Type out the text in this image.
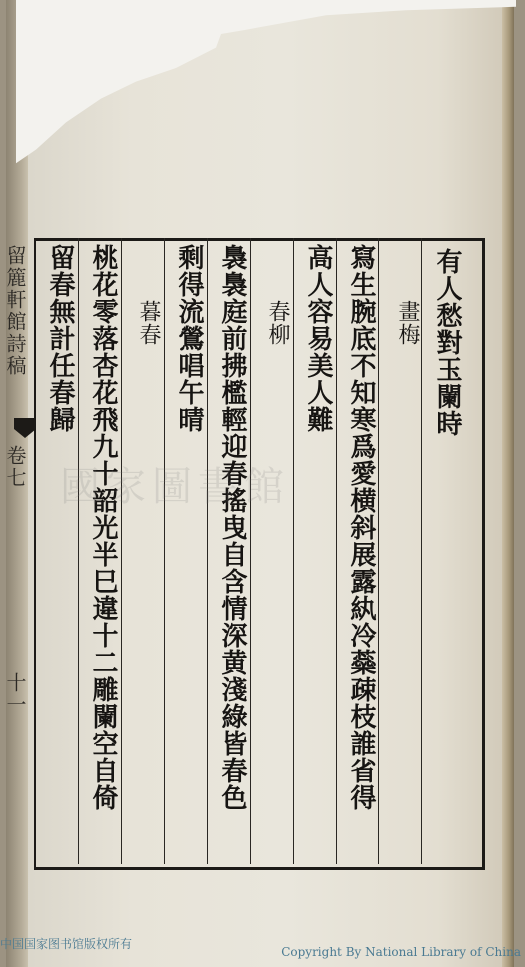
有人愁對玉闌時
畫梅
寫生腕底不知寒爲愛横斜展露紈冷蘂疎枝誰省得
高人容易美人難
春柳
裊裊庭前拂檻輕迎春搖曳自含情深黄淺綠皆春色
剩得流鶯唱午晴
暮春
桃花零落杏花飛九十韶光半巳違十二雕闌空自倚
留春無計任春歸
留簏軒館詩稿
卷七
十一
國家圖書館
中国国家图书馆版权所有
Copyright By National Library of China
